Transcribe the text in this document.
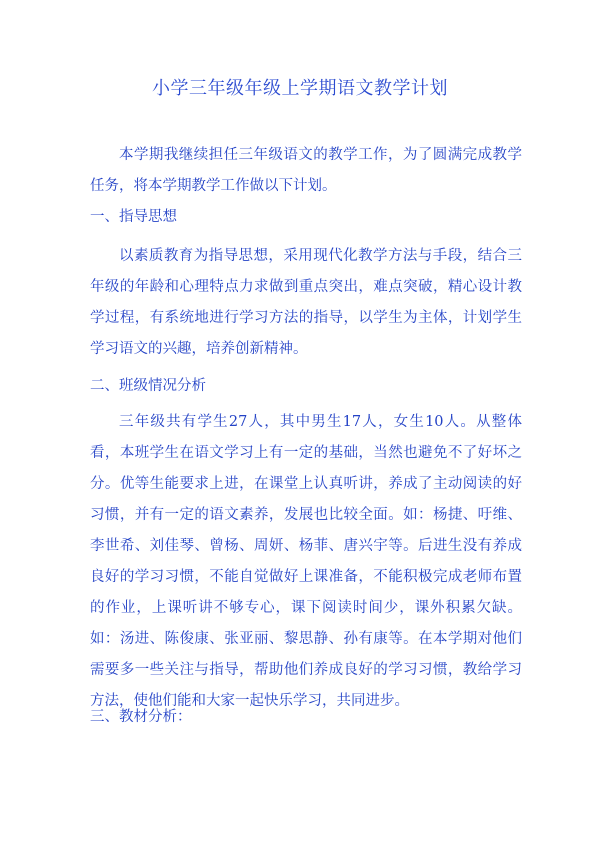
小学三年级年级上学期语文教学计划
本学期我继续担任三年级语文的教学工作，为了圆满完成教学任务，将本学期教学工作做以下计划。
一、指导思想
以素质教育为指导思想，采用现代化教学方法与手段，结合三年级的年龄和心理特点力求做到重点突出，难点突破，精心设计教学过程，有系统地进行学习方法的指导，以学生为主体，计划学生学习语文的兴趣，培养创新精神。
二、班级情况分析
三年级共有学生27人，其中男生17人，女生10人。从整体看，本班学生在语文学习上有一定的基础，当然也避免不了好坏之分。优等生能要求上进，在课堂上认真听讲，养成了主动阅读的好习惯，并有一定的语文素养，发展也比较全面。如：杨捷、吁维、李世希、刘佳琴、曾杨、周妍、杨菲、唐兴宇等。后进生没有养成良好的学习习惯，不能自觉做好上课准备，不能积极完成老师布置的作业，上课听讲不够专心，课下阅读时间少，课外积累欠缺。如：汤进、陈俊康、张亚丽、黎思静、孙有康等。在本学期对他们需要多一些关注与指导，帮助他们养成良好的学习习惯，教给学习方法，使他们能和大家一起快乐学习，共同进步。
三、教材分析：
